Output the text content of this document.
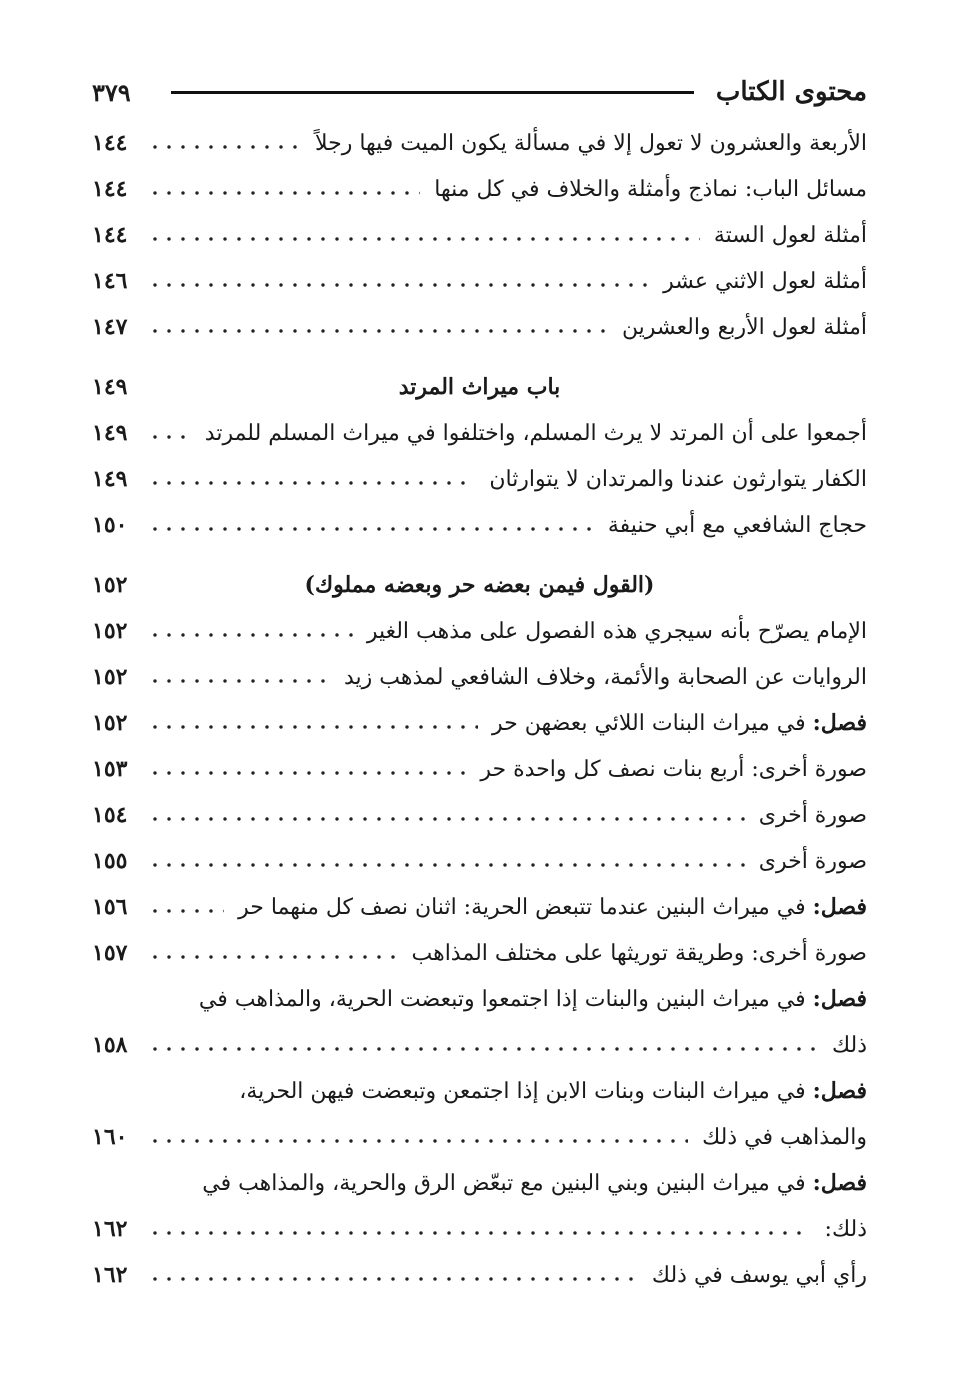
محتوى الكتاب
٣٧٩
الأربعة والعشرون لا تعول إلا في مسألة يكون الميت فيها رجلاً
١٤٤
مسائل الباب: نماذج وأمثلة والخلاف في كل منها
١٤٤
أمثلة لعول الستة
١٤٤
أمثلة لعول الاثني عشر
١٤٦
أمثلة لعول الأربع والعشرين
١٤٧
باب ميراث المرتد
١٤٩
أجمعوا على أن المرتد لا يرث المسلم، واختلفوا في ميراث المسلم للمرتد
١٤٩
الكفار يتوارثون عندنا والمرتدان لا يتوارثان
١٤٩
حجاج الشافعي مع أبي حنيفة
١٥٠
(القول فيمن بعضه حر وبعضه مملوك)
١٥٢
الإمام يصرّح بأنه سيجري هذه الفصول على مذهب الغير
١٥٢
الروايات عن الصحابة والأئمة، وخلاف الشافعي لمذهب زيد
١٥٢
فصل: في ميراث البنات اللائي بعضهن حر
١٥٢
صورة أخرى: أربع بنات نصف كل واحدة حر
١٥٣
صورة أخرى
١٥٤
صورة أخرى
١٥٥
فصل: في ميراث البنين عندما تتبعض الحرية: اثنان نصف كل منهما حر
١٥٦
صورة أخرى: وطريقة توريثها على مختلف المذاهب
١٥٧
فصل: في ميراث البنين والبنات إذا اجتمعوا وتبعضت الحرية، والمذاهب في
ذلك
١٥٨
فصل: في ميراث البنات وبنات الابن إذا اجتمعن وتبعضت فيهن الحرية،
والمذاهب في ذلك
١٦٠
فصل: في ميراث البنين وبني البنين مع تبعّض الرق والحرية، والمذاهب في
ذلك:
١٦٢
رأي أبي يوسف في ذلك
١٦٢
